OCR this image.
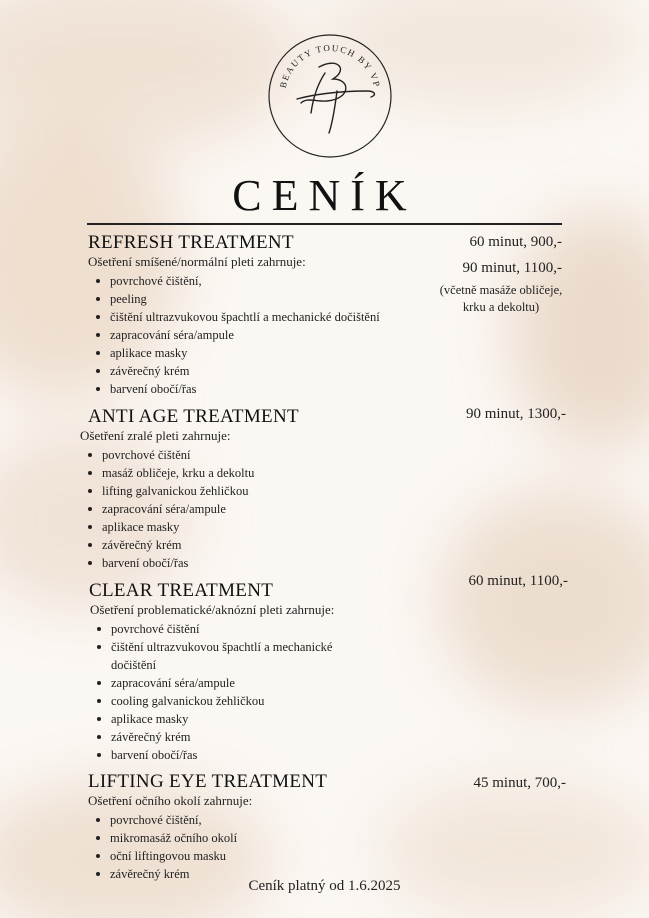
BEAUTY TOUCH BY VP
CENÍK
REFRESH TREATMENT
Ošetření smíšené/normální pleti zahrnuje:
povrchové čištění,
peeling
čištění ultrazvukovou špachtlí a mechanické dočištění
zapracování séra/ampule
aplikace masky
závěrečný krém
barvení obočí/řas
60 minut, 900,-
90 minut, 1100,-
(včetně masáže obličeje, krku a dekoltu)
ANTI AGE TREATMENT
Ošetření zralé pleti zahrnuje:
povrchové čištění
masáž obličeje, krku a dekoltu
lifting galvanickou žehličkou
zapracování séra/ampule
aplikace masky
závěrečný krém
barvení obočí/řas
90 minut, 1300,-
CLEAR TREATMENT
Ošetření problematické/aknózní pleti zahrnuje:
povrchové čištění
čištění ultrazvukovou špachtlí a mechanické dočištění
zapracování séra/ampule
cooling galvanickou žehličkou
aplikace masky
závěrečný krém
barvení obočí/řas
60 minut, 1100,-
LIFTING EYE TREATMENT
Ošetření očního okolí zahrnuje:
povrchové čištění,
mikromasáž očního okolí
oční liftingovou masku
závěrečný krém
45 minut, 700,-
Ceník platný od 1.6.2025
